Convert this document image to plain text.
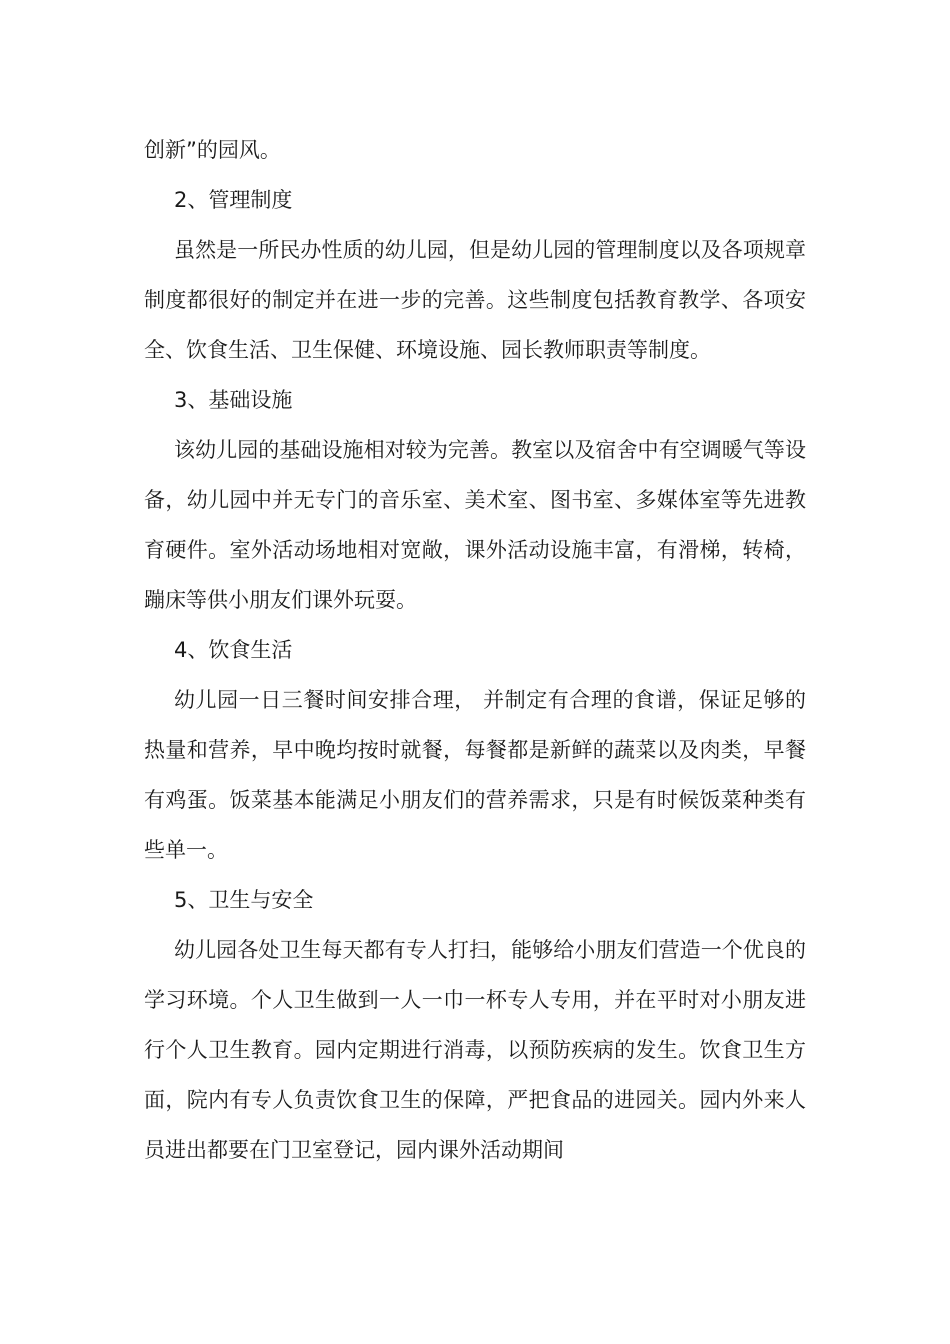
创新”的园风。

2、管理制度

虽然是一所民办性质的幼儿园，但是幼儿园的管理制度以及各项规章制度都很好的制定并在进一步的完善。这些制度包括教育教学、各项安全、饮食生活、卫生保健、环境设施、园长教师职责等制度。

3、基础设施

该幼儿园的基础设施相对较为完善。教室以及宿舍中有空调暖气等设备，幼儿园中并无专门的音乐室、美术室、图书室、多媒体室等先进教育硬件。室外活动场地相对宽敞，课外活动设施丰富，有滑梯，转椅，蹦床等供小朋友们课外玩耍。

4、饮食生活

幼儿园一日三餐时间安排合理， 并制定有合理的食谱，保证足够的热量和营养，早中晚均按时就餐，每餐都是新鲜的蔬菜以及肉类，早餐有鸡蛋。饭菜基本能满足小朋友们的营养需求，只是有时候饭菜种类有些单一。

5、卫生与安全

幼儿园各处卫生每天都有专人打扫，能够给小朋友们营造一个优良的学习环境。个人卫生做到一人一巾一杯专人专用，并在平时对小朋友进行个人卫生教育。园内定期进行消毒，以预防疾病的发生。饮食卫生方面，院内有专人负责饮食卫生的保障，严把食品的进园关。园内外来人员进出都要在门卫室登记，园内课外活动期间
